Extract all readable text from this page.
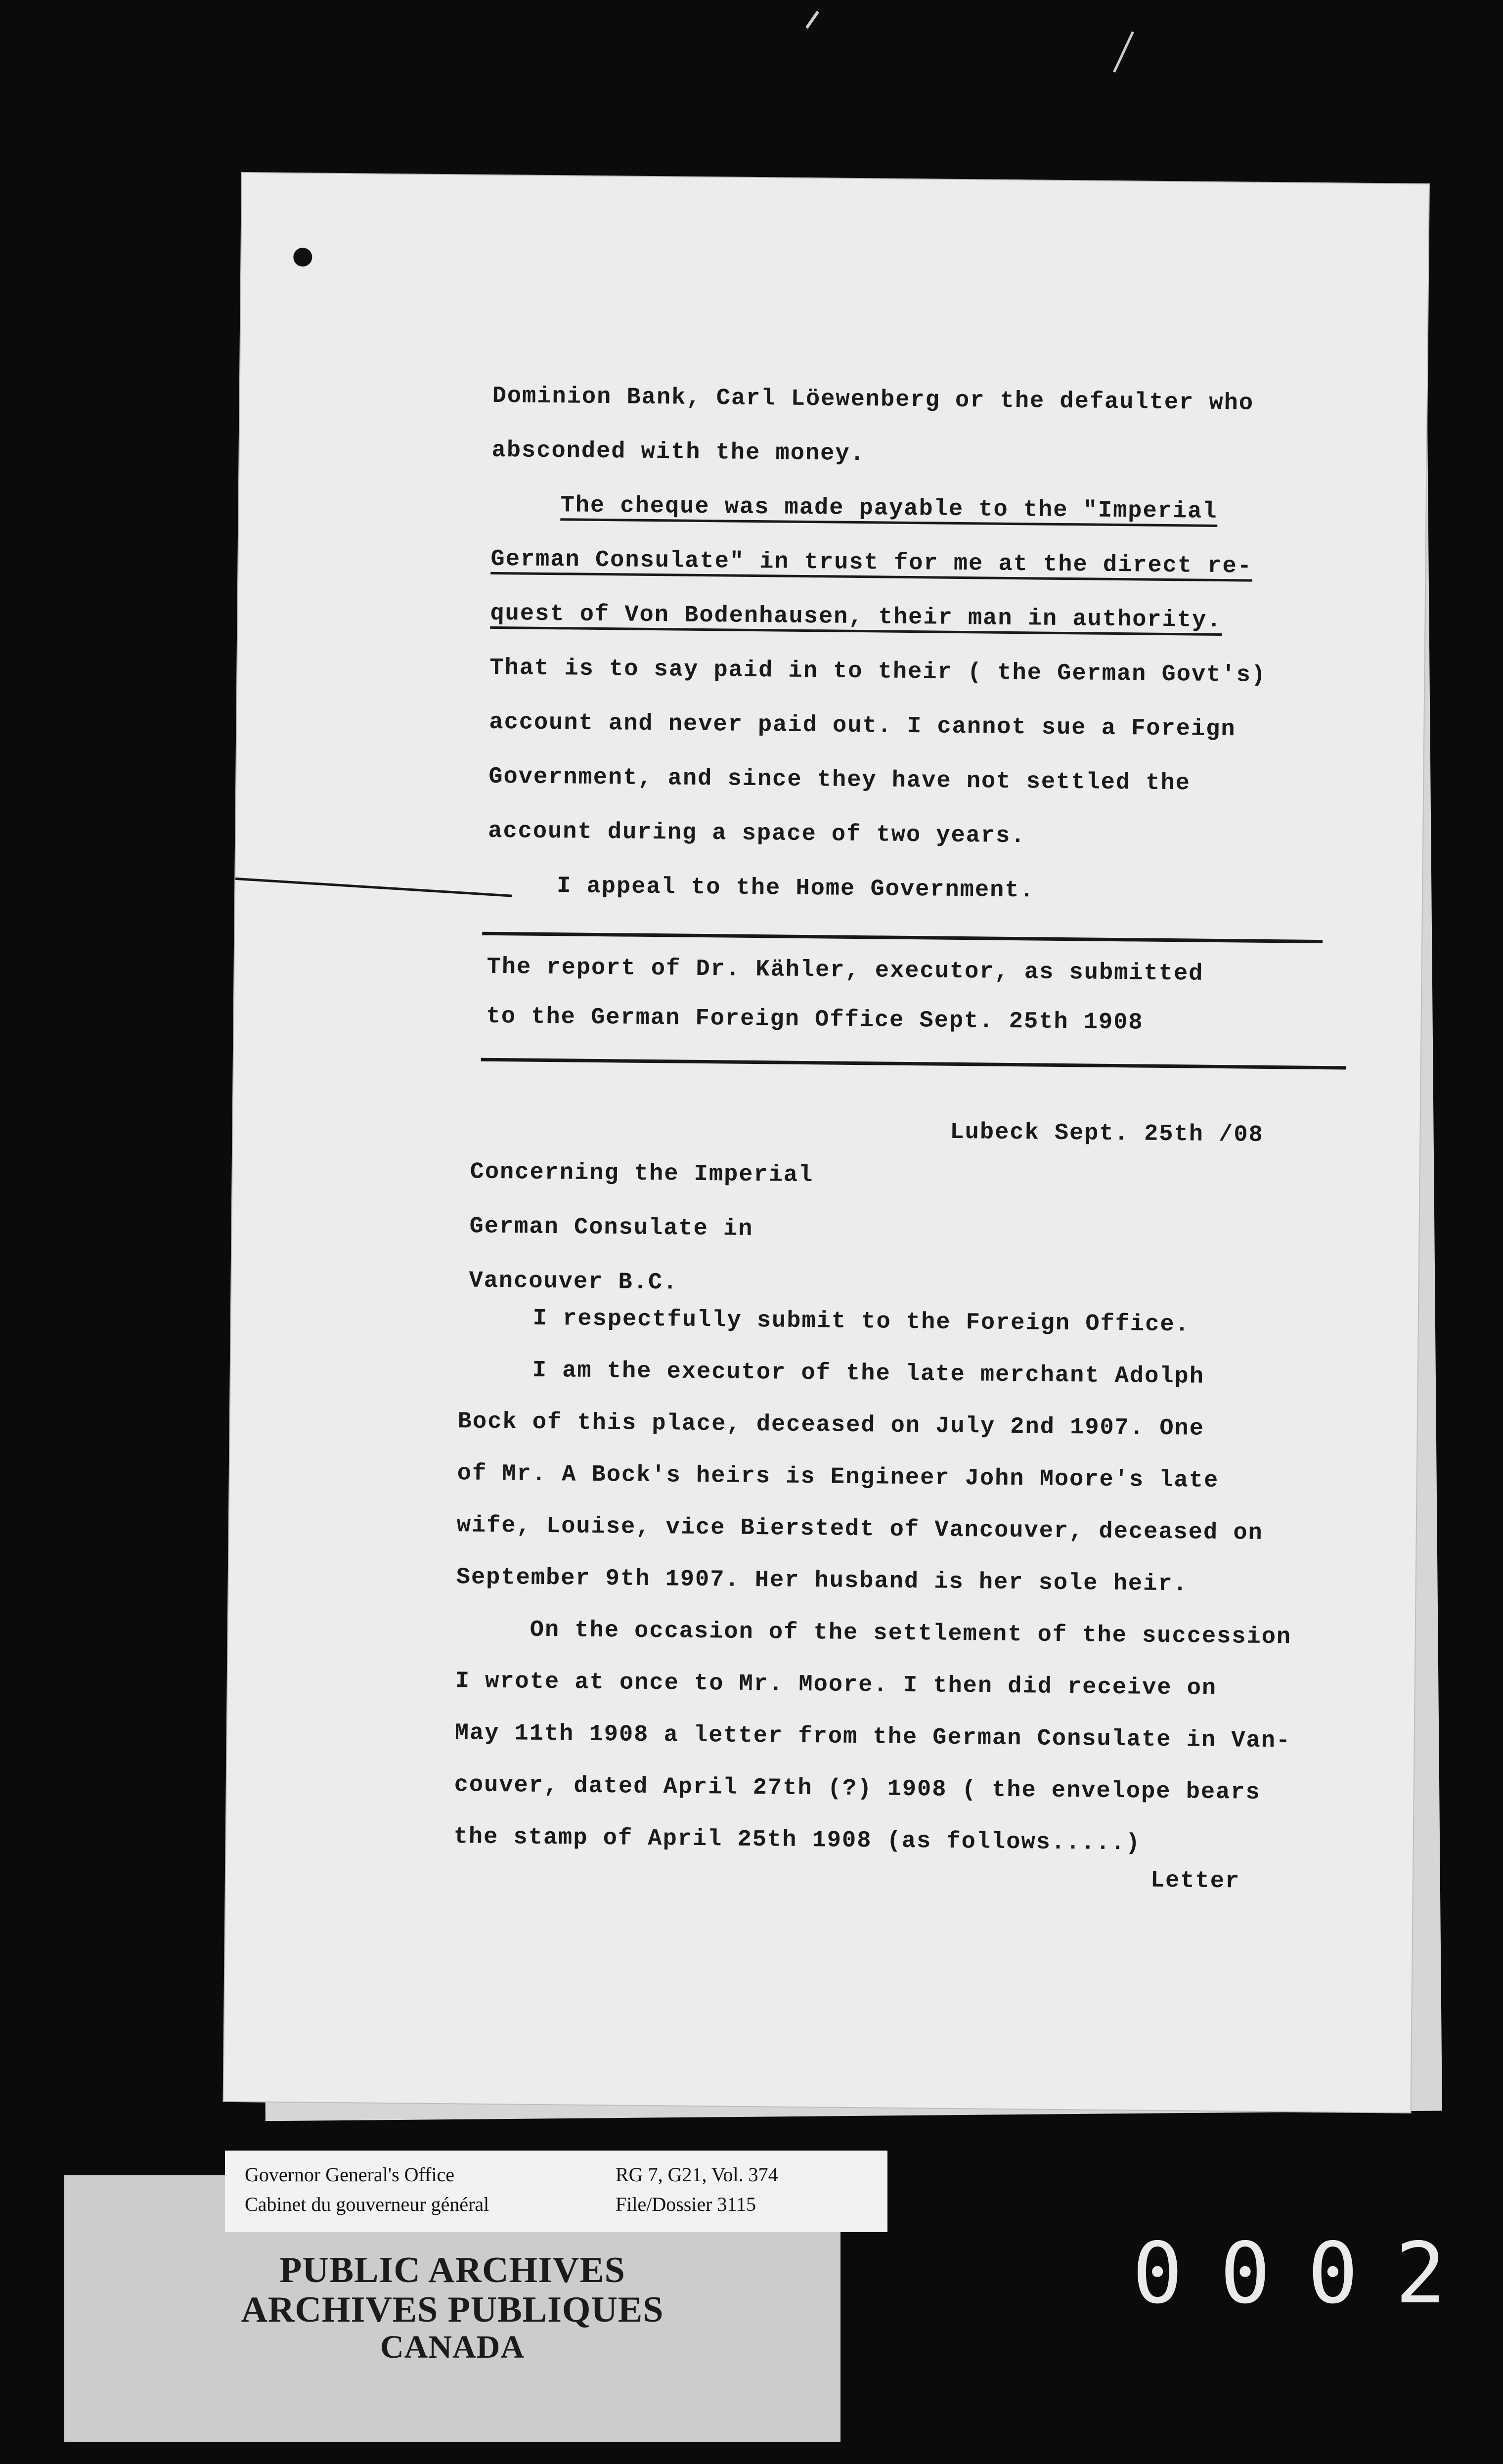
Dominion Bank, Carl Löewenberg or the defaulter who
absconded with the money.
The cheque was made payable to the "Imperial
German Consulate" in trust for me at the direct re-
quest of Von Bodenhausen, their man in authority.
That is to say paid in to their ( the German Govt's)
account and never paid out. I cannot sue a Foreign
Government, and since they have not settled the
account during a space of two years.
I appeal to the Home Government.
The report of Dr. Kähler, executor, as submitted
to the German Foreign Office Sept. 25th 1908
Lubeck Sept. 25th /08
Concerning the Imperial
German Consulate in
Vancouver B.C.
I respectfully submit to the Foreign Office.
I am the executor of the late merchant Adolph
Bock of this place, deceased on July 2nd 1907. One
of Mr. A Bock's heirs is Engineer John Moore's late
wife, Louise, vice Bierstedt of Vancouver, deceased on
September 9th 1907. Her husband is her sole heir.
On the occasion of the settlement of the succession
I wrote at once to Mr. Moore. I then did receive on
May 11th 1908 a letter from the German Consulate in Van-
couver, dated April 27th (?) 1908 ( the envelope bears
the stamp of April 25th 1908 (as follows.....)
Letter
PUBLIC ARCHIVES
ARCHIVES PUBLIQUES
CANADA
Governor General's Office
Cabinet du gouverneur général
RG 7, G21, Vol. 374
File/Dossier 3115
0002
